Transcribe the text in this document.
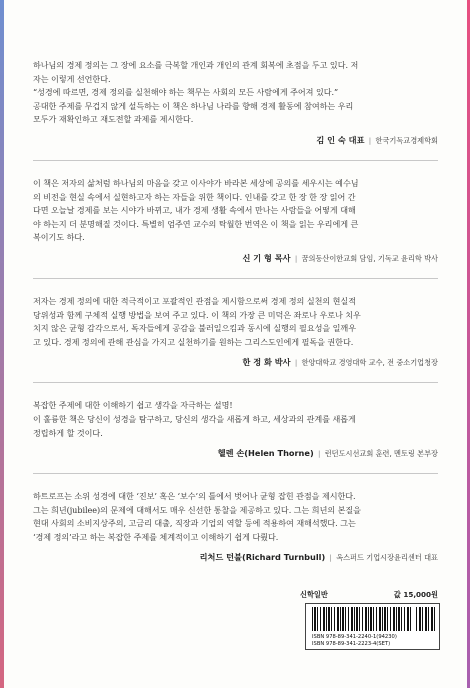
하나님의 경제 정의는 그 장에 요소를 극복할 개인과 개인의 관계 회복에 초점을 두고 있다. 저
자는 이렇게 선언한다.
“성경에 따르면, 경제 정의를 실천해야 하는 책무는 사회의 모든 사람에게 주어져 있다.”
공대한 주제를 무겁지 않게 설득하는 이 책은 하나님 나라를 향해 경제 활동에 참여하는 우리
모두가 재확인하고 재도전할 과제를 제시한다.

김 인 숙 대표 | 한국기독교경제학회

이 책은 저자의 삶처럼 하나님의 마음을 갖고 이사야가 바라본 세상에 공의를 세우시는 예수님
의 비전을 현실 속에서 실현하고자 하는 자들을 위한 책이다. 인내를 갖고 한 장 한 장 읽어 간
다면 오늘날 경제를 보는 시야가 바뀌고, 내가 경제 생활 속에서 만나는 사람들을 어떻게 대해
야 하는지 더 분명해질 것이다. 특별히 엄주연 교수의 탁월한 번역은 이 책을 읽는 우리에게 큰
복이기도 하다.

신 기 형 목사 | 꿈의동산이한교회 담임, 기독교 윤리학 박사

저자는 경제 정의에 대한 적극적이고 포괄적인 관점을 제시함으로써 경제 정의 실천의 현실적
당위성과 함께 구체적 실행 방법을 보여 주고 있다. 이 책의 가장 큰 미덕은 좌로나 우로나 치우
치지 않은 균형 감각으로서, 독자들에게 공감을 불러일으킴과 동시에 실행의 필요성을 일깨우
고 있다. 경제 정의에 관해 관심을 가지고 실천하기를 원하는 그리스도인에게 필독을 권한다.

한 정 화 박사 | 한양대학교 경영대학 교수, 전 중소기업청장

복잡한 주제에 대한 이해하기 쉽고 생각을 자극하는 설명!
이 훌륭한 책은 당신이 성경을 탐구하고, 당신의 생각을 새롭게 하고, 세상과의 관계를 새롭게
정립하게 할 것이다.

헬렌 손(Helen Thorne) | 런던도시선교회 훈련, 멘토링 본부장

하트로프는 소위 성경에 대한 ‘진보’ 혹은 ‘보수’의 틀에서 벗어나 균형 잡힌 관점을 제시한다.
그는 희년(jubilee)의 문제에 대해서도 매우 신선한 통찰을 제공하고 있다. 그는 희년의 본질을
현대 사회의 소비지상주의, 고금리 대출, 직장과 기업의 역할 등에 적용하여 재해석했다. 그는
‘경제 정의’라고 하는 복잡한 주제를 체계적이고 이해하기 쉽게 다뤘다.

리처드 턴불(Richard Turnbull) | 옥스퍼드 기업시장윤리센터 대표
신학일반	값 15,000원
ISBN 978-89-341-2240-1(94230)
ISBN 978-89-341-2223-4(SET)
